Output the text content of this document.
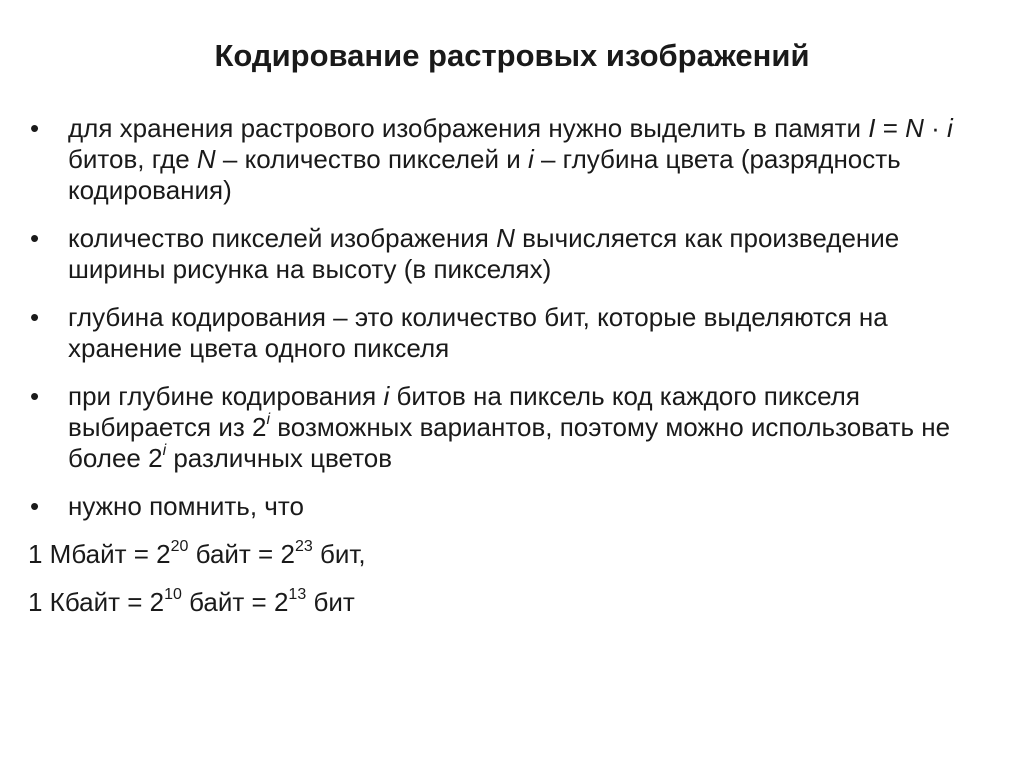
Кодирование растровых изображений
•	для хранения растрового изображения нужно выделить в памяти I = N · i битов, где N – количество пикселей и i – глубина цвета (разрядность кодирования)
•	количество пикселей изображения N вычисляется как произведение ширины рисунка на высоту (в пикселях)
•	глубина кодирования – это количество бит, которые выделяются на хранение цвета одного пикселя
•	при глубине кодирования i битов на пиксель код каждого пикселя выбирается из 2$^i$ возможных вариантов, поэтому можно использовать не более 2$^i$ различных цветов
•	нужно помнить, что
1 Мбайт = $2^{20}$ байт = $2^{23}$ бит,
1 Кбайт = $2^{10}$ байт = $2^{13}$ бит
